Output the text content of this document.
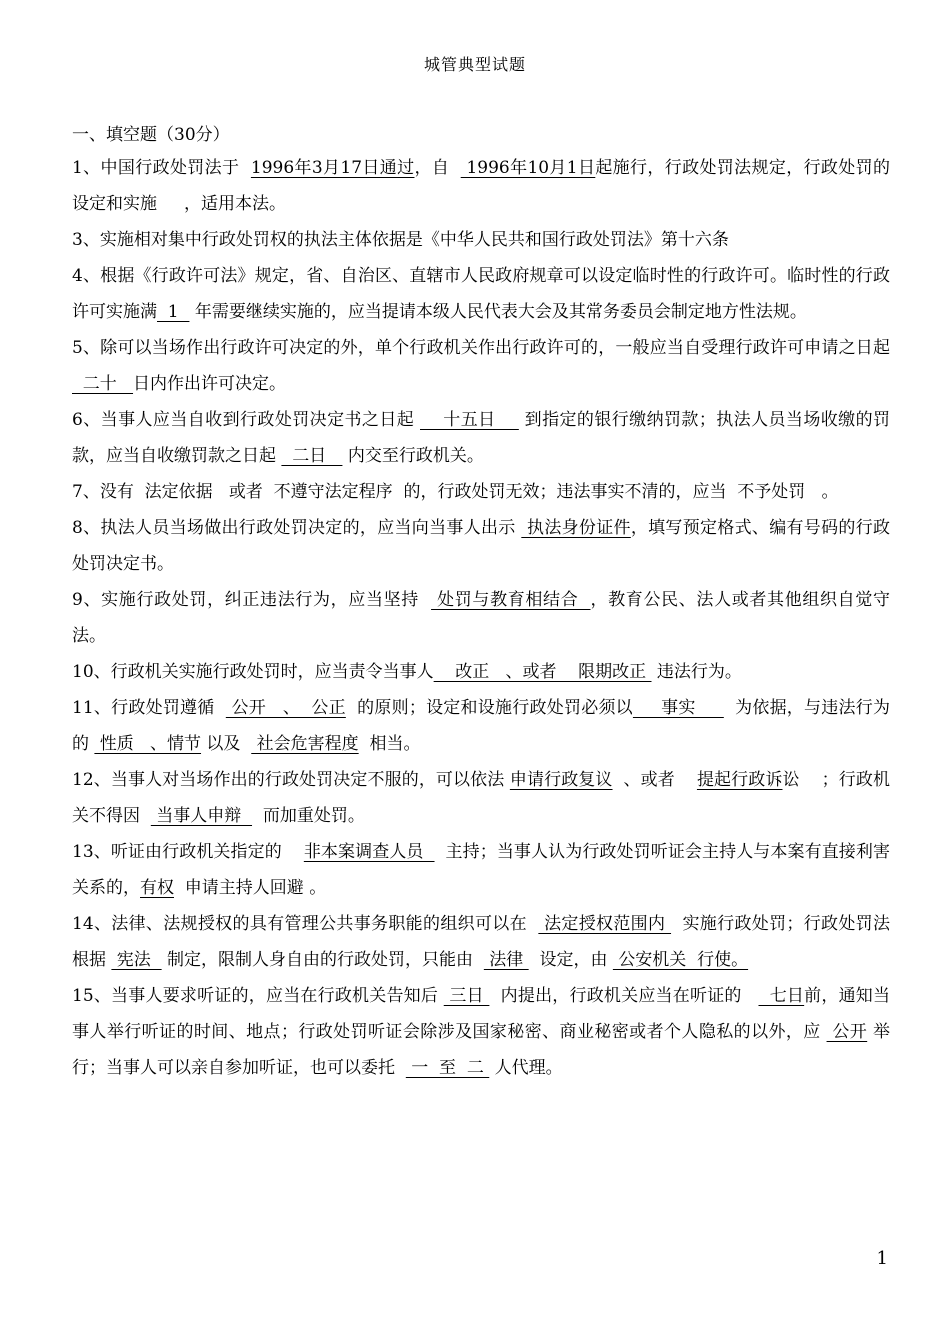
城管典型试题
一、填空题（30分）
1、中国行政处罚法于  1996年3月17日通过，自   1996年10月1日起施行，行政处罚法规定，行政处罚的    设定和实施     ，适用本法。
3、实施相对集中行政处罚权的执法主体依据是《中华人民共和国行政处罚法》第十六条
4、根据《行政许可法》规定，省、自治区、直辖市人民政府规章可以设定临时性的行政许可。临时性的行政许可实施满  1   年需要继续实施的，应当提请本级人民代表大会及其常务委员会制定地方性法规。
5、除可以当场作出行政许可决定的外，单个行政机关作出行政许可的，一般应当自受理行政许可申请之日起   二十   日内作出许可决定。
6、当事人应当自收到行政处罚决定书之日起     十五日     到指定的银行缴纳罚款；执法人员当场收缴的罚款，应当自收缴罚款之日起   二日    内交至行政机关。
7、没有  法定依据   或者  不遵守法定程序  的，行政处罚无效；违法事实不清的，应当  不予处罚   。
8、执法人员当场做出行政处罚决定的，应当向当事人出示  执法身份证件，填写预定格式、编有号码的行政处罚决定书。
9、实施行政处罚，纠正违法行为，应当坚持   处罚与教育相结合  ，教育公民、法人或者其他组织自觉守法。
10、行政机关实施行政处罚时，应当责令当事人    改正   、或者    限期改正  违法行为。
11、行政处罚遵循   公开   、  公正  的原则；设定和设施行政处罚必须以     事实       为依据，与违法行为的  性质   、情节 以及   社会危害程度  相当。
12、当事人对当场作出的行政处罚决定不服的，可以依法 申请行政复议  、或者    提起行政诉讼    ；行政机关不得因   当事人申辩    而加重处罚。
13、听证由行政机关指定的    非本案调查人员    主持；当事人认为行政处罚听证会主持人与本案有直接利害关系的，有权  申请主持人回避 。
14、法律、法规授权的具有管理公共事务职能的组织可以在   法定授权范围内   实施行政处罚；行政处罚法根据  宪法   制定，限制人身自由的行政处罚，只能由   法律   设定，由  公安机关  行使。
15、当事人要求听证的，应当在行政机关告知后  三日   内提出，行政机关应当在听证的     七日前，通知当事人举行听证的时间、地点；行政处罚听证会除涉及国家秘密、商业秘密或者个人隐私的以外，应  公开 举行；当事人可以亲自参加听证，也可以委托   一  至  二  人代理。
1
